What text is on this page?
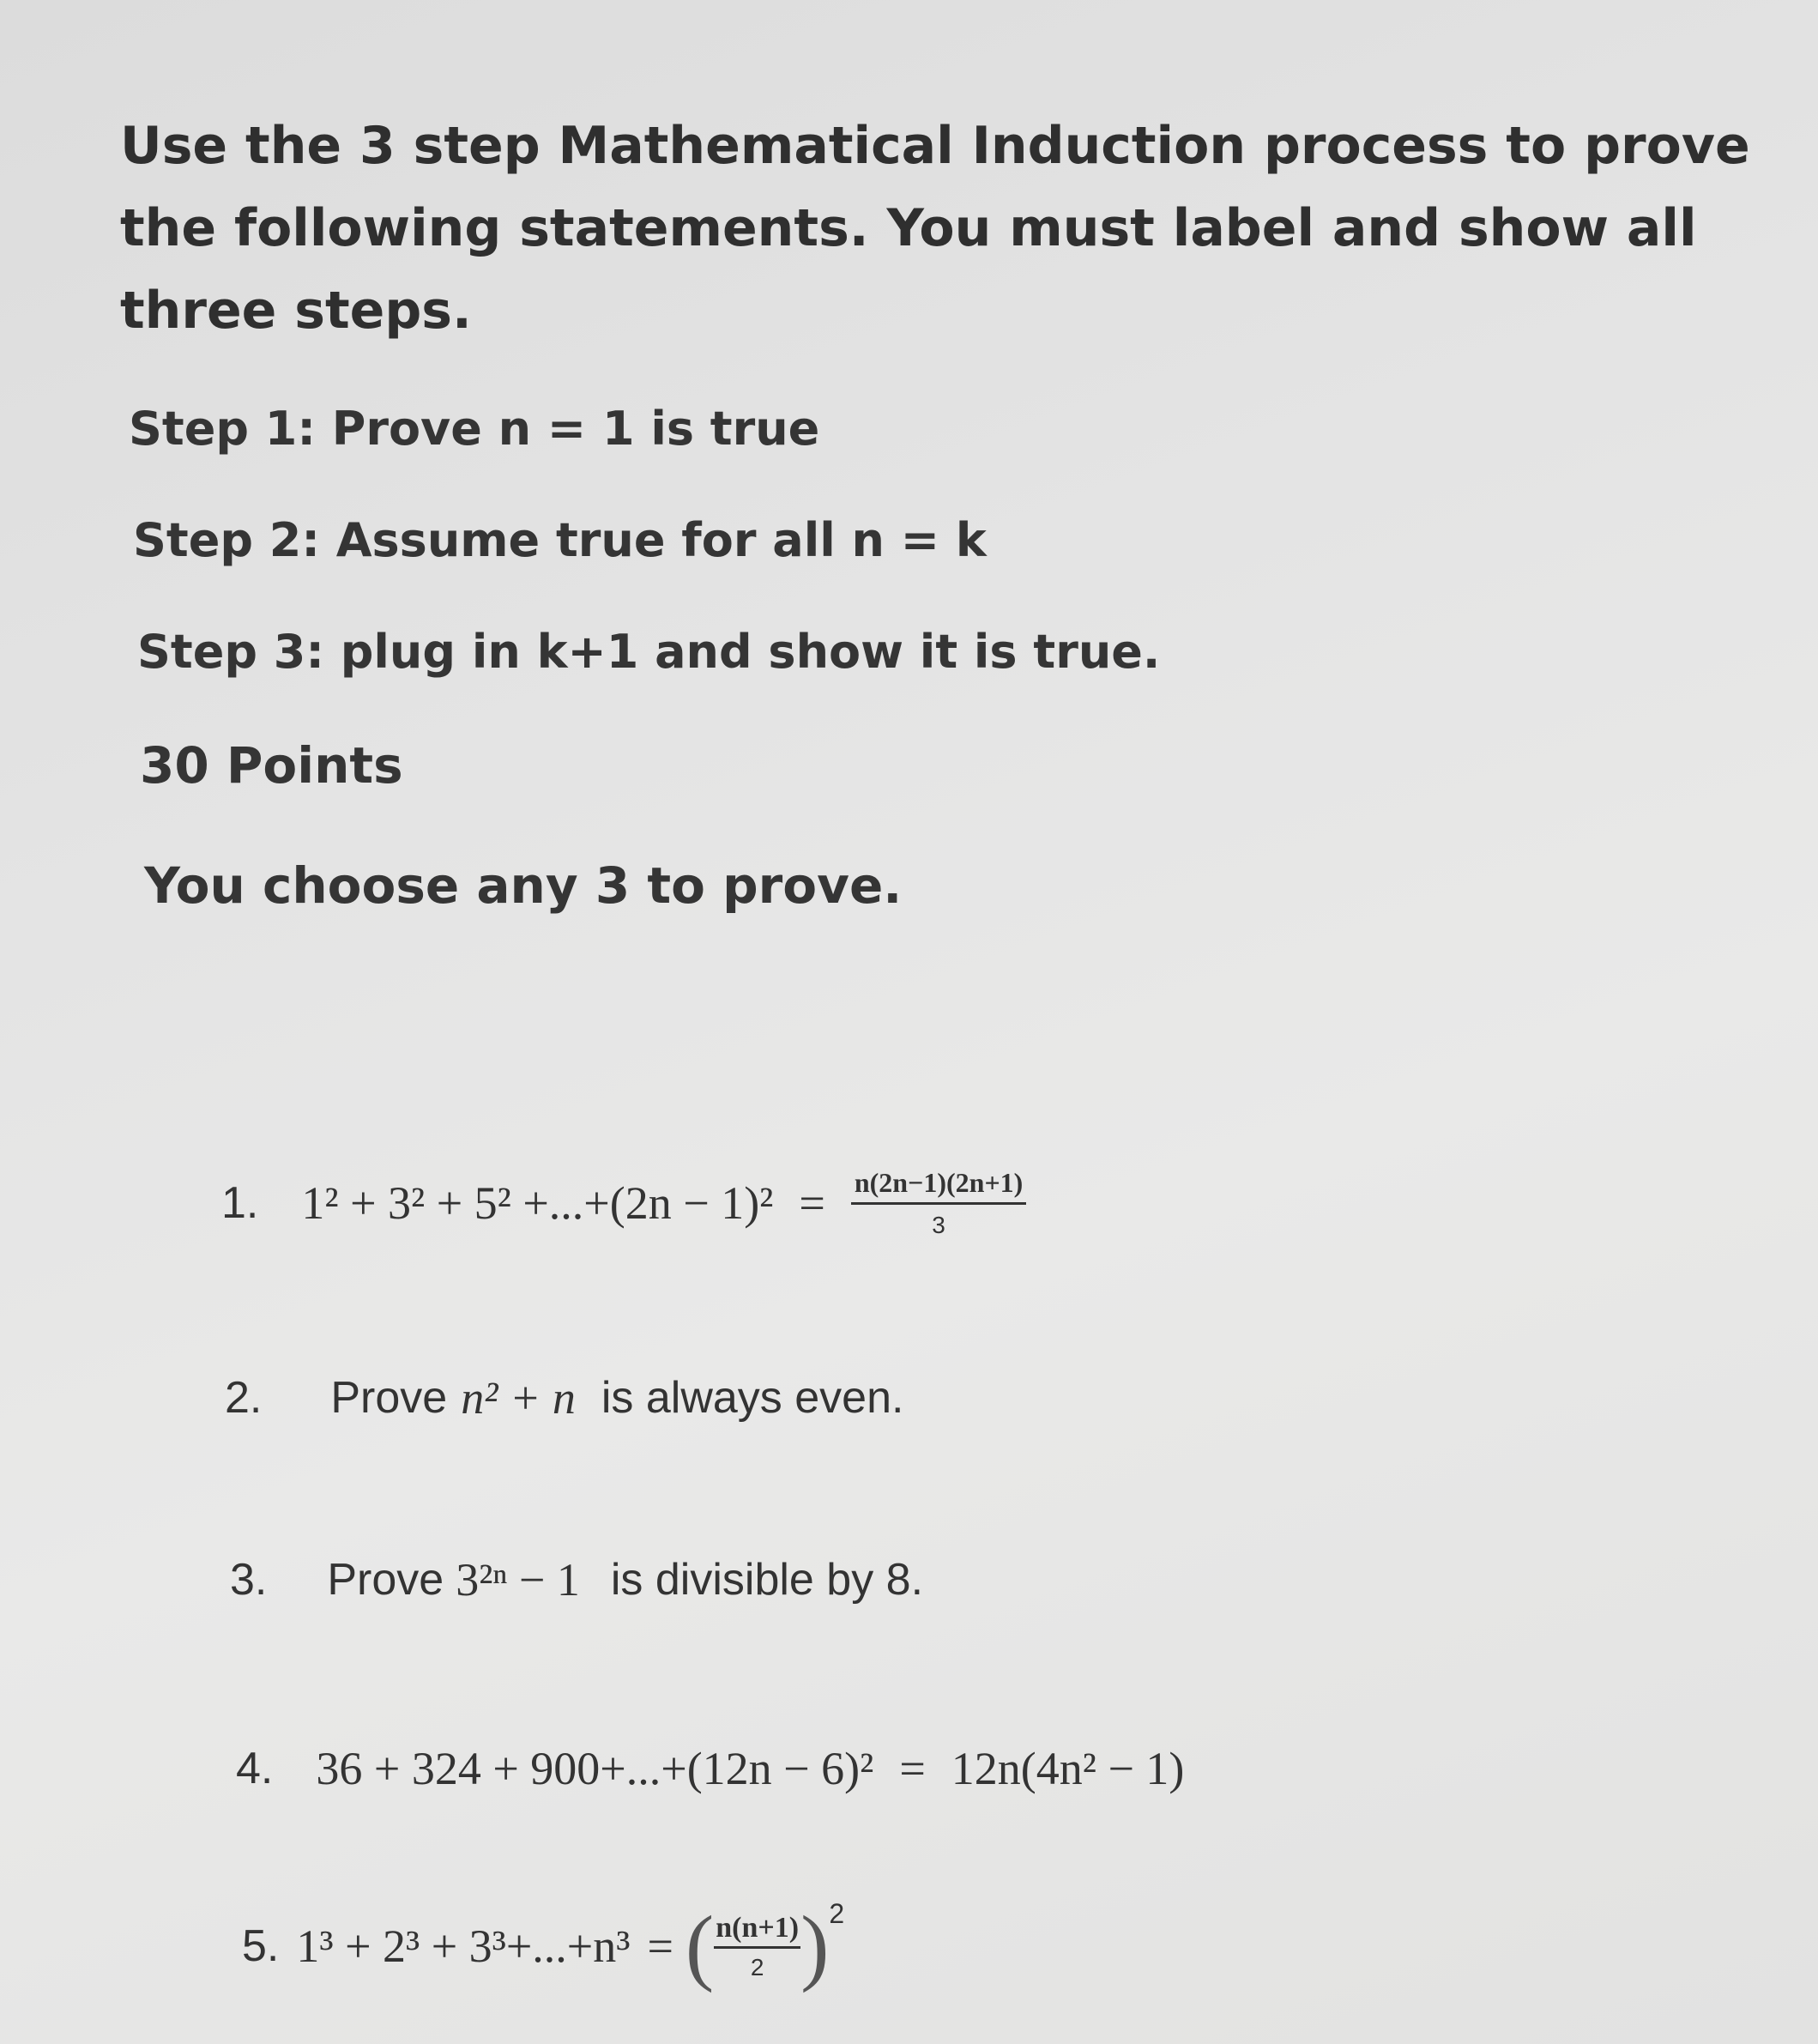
Use the 3 step Mathematical Induction process to prove the following statements. You must label and show all three steps.

Step 1: Prove n = 1 is true

Step 2: Assume true for all n = k

Step 3: plug in k+1 and show it is true.

30 Points

You choose any 3 to prove.

1. $1^2 + 3^2 + 5^2 +...+(2n - 1)^2 = \frac{n(2n-1)(2n+1)}{3}$
2. Prove n² + n is always even.
3. Prove 3²ⁿ − 1 is divisible by 8.
4. 36 + 324 + 900+...+(12n − 6)² = 12n(4n² − 1)
5. 1³ + 2³ + 3³+...+n³ = ( $\frac{n(n+1)}{2}$ ) 2
